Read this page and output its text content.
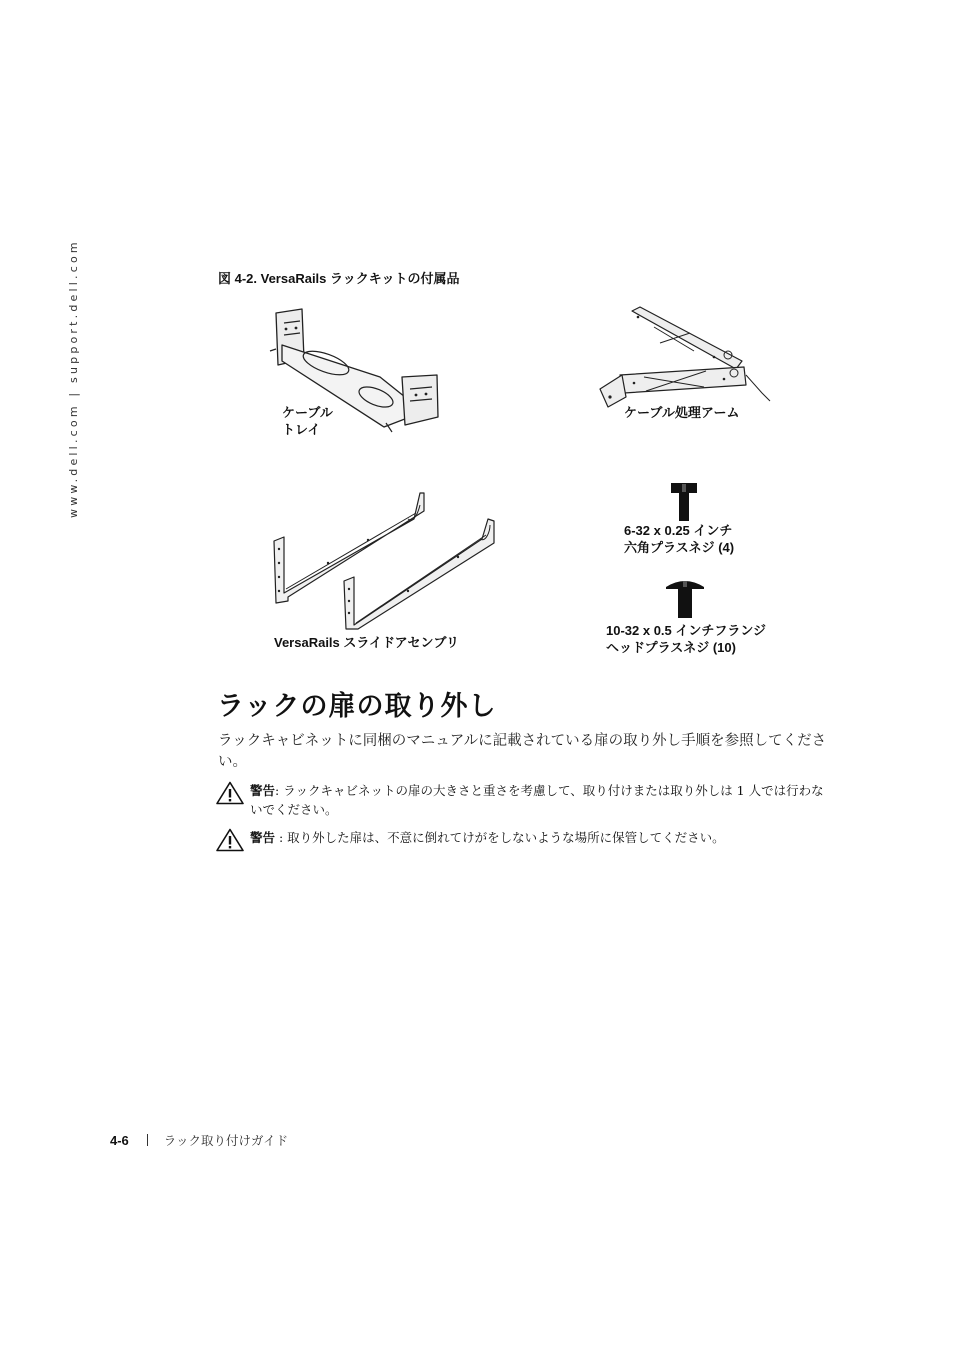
www.dell.com | support.dell.com	図 4-2. VersaRails ラックキットの付属品
ケーブル
トレイ
ケーブル処理アーム
6-32 x 0.25 インチ
六角プラスネジ (4)
VersaRails スライドアセンブリ
10-32 x 0.5 インチフランジ
ヘッドプラスネジ (10)
ラックの扉の取り外し
ラックキャビネットに同梱のマニュアルに記載されている扉の取り外し手順を参照してください。
警告: ラックキャビネットの扉の大きさと重さを考慮して、取り付けまたは取り外しは 1 人では行わないでください。
警告 : 取り外した扉は、不意に倒れてけがをしないような場所に保管してください。
4-6	ラック取り付けガイド
